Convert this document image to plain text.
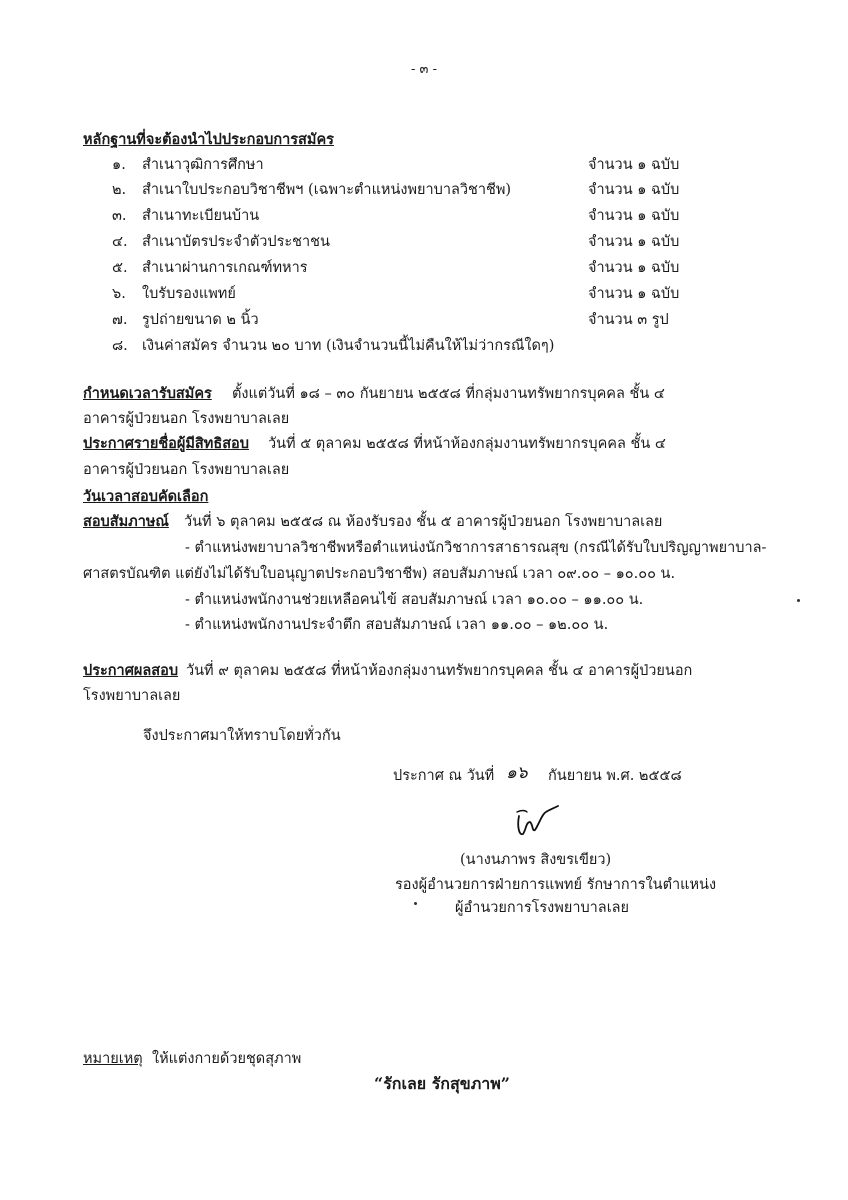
- ๓ -
หลักฐานที่จะต้องนำไปประกอบการสมัคร
๑. สำเนาวุฒิการศึกษา	จำนวน ๑ ฉบับ
๒. สำเนาใบประกอบวิชาชีพฯ (เฉพาะตำแหน่งพยาบาลวิชาชีพ)	จำนวน ๑ ฉบับ
๓. สำเนาทะเบียนบ้าน	จำนวน ๑ ฉบับ
๔. สำเนาบัตรประจำตัวประชาชน	จำนวน ๑ ฉบับ
๕. สำเนาผ่านการเกณฑ์ทหาร	จำนวน ๑ ฉบับ
๖. ใบรับรองแพทย์	จำนวน ๑ ฉบับ
๗. รูปถ่ายขนาด ๒ นิ้ว	จำนวน ๓ รูป
๘. เงินค่าสมัคร จำนวน ๒๐ บาท (เงินจำนวนนี้ไม่คืนให้ไม่ว่ากรณีใดๆ)
กำหนดเวลารับสมัคร ตั้งแต่วันที่ ๑๘ – ๓๐ กันยายน ๒๕๕๘ ที่กลุ่มงานทรัพยากรบุคคล ชั้น ๔
อาคารผู้ป่วยนอก โรงพยาบาลเลย
ประกาศรายชื่อผู้มีสิทธิสอบ วันที่ ๕ ตุลาคม ๒๕๕๘ ที่หน้าห้องกลุ่มงานทรัพยากรบุคคล ชั้น ๔
อาคารผู้ป่วยนอก โรงพยาบาลเลย
วันเวลาสอบคัดเลือก
สอบสัมภาษณ์ วันที่ ๖ ตุลาคม ๒๕๕๘ ณ ห้องรับรอง ชั้น ๕ อาคารผู้ป่วยนอก โรงพยาบาลเลย
- ตำแหน่งพยาบาลวิชาชีพหรือตำแหน่งนักวิชาการสาธารณสุข (กรณีได้รับใบปริญญาพยาบาล-
ศาสตรบัณฑิต แต่ยังไม่ได้รับใบอนุญาตประกอบวิชาชีพ) สอบสัมภาษณ์ เวลา ๐๙.๐๐ – ๑๐.๐๐ น.
- ตำแหน่งพนักงานช่วยเหลือคนไข้ สอบสัมภาษณ์ เวลา ๑๐.๐๐ – ๑๑.๐๐ น.
- ตำแหน่งพนักงานประจำตึก สอบสัมภาษณ์ เวลา ๑๑.๐๐ – ๑๒.๐๐ น.
ประกาศผลสอบ วันที่ ๙ ตุลาคม ๒๕๕๘ ที่หน้าห้องกลุ่มงานทรัพยากรบุคคล ชั้น ๔ อาคารผู้ป่วยนอก
โรงพยาบาลเลย
จึงประกาศมาให้ทราบโดยทั่วกัน
ประกาศ ณ วันที่ ๑๖ กันยายน พ.ศ. ๒๕๕๘
(นางนภาพร สิงขรเขียว)
รองผู้อำนวยการฝ่ายการแพทย์ รักษาการในตำแหน่ง
ผู้อำนวยการโรงพยาบาลเลย
หมายเหตุ ให้แต่งกายด้วยชุดสุภาพ
“รักเลย รักสุขภาพ”
